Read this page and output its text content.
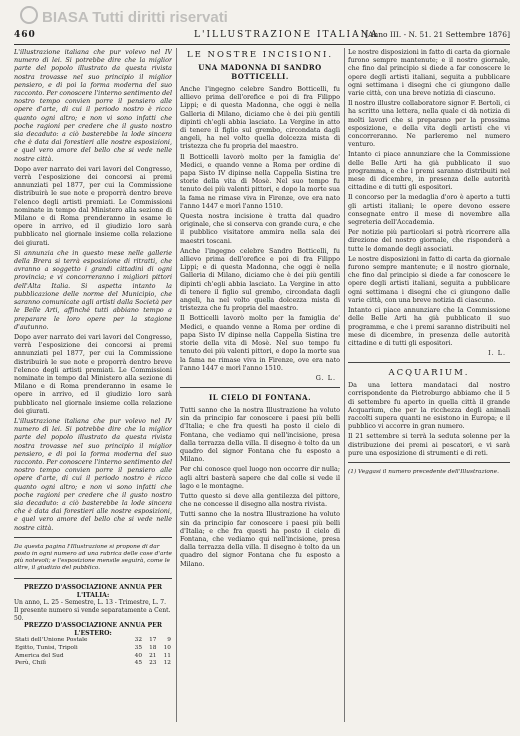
BIASA Tutti diritti riservati
460	L'ILLUSTRAZIONE ITALIANA
[Anno III. - N. 51. 21 Settembre 1876]

L'illustrazione italiana che pur volevo nel IV numero di lei. Si potrebbe dire che la miglior parte del popolo illustrato da questa rivista nostra trovasse nel suo principio il miglior pensiero, e di poi la forma moderna del suo racconto. Per conoscere l'interno sentimento del nostro tempo convien porre il pensiero alle opere d'arte, di cui il periodo nostro è ricco quanto ogni altro; e non vi sono infatti che poche ragioni per credere che il gusto nostro sia decaduto: a ciò basterebbe la lode sincera che è data dai forestieri alle nostre esposizioni, e quel vero amore del bello che si vede nelle nostre città.

Dopo aver narrato dei vari lavori del Congresso, verrà l'esposizione dei concorsi ai premi annunziati pel 1877, per cui la Commissione distribuirà le sue note e proporrà dentro breve l'elenco degli artisti premiati. Le Commissioni nominate in tempo dal Ministero alla sezione di Milano e di Roma prenderanno in esame le opere in arrivo, ed il giudizio loro sarà pubblicato nel giornale insieme colla relazione dei giurati.

Si annunzia che in questo mese nelle gallerie della Brera si terrà esposizione di ritratti, che avranno a soggetto i grandi cittadini di ogni provincia; e vi concorreranno i migliori pittori dell'Alta Italia. Si aspetta intanto la pubblicazione delle norme del Municipio, che saranno comunicate agli artisti dalla Società per le Belle Arti, affinché tutti abbiano tempo a preparare le loro opere per la stagione d'autunno.

Dopo aver narrato dei vari lavori del Congresso, verrà l'esposizione dei concorsi ai premi annunziati pel 1877, per cui la Commissione distribuirà le sue note e proporrà dentro breve l'elenco degli artisti premiati. Le Commissioni nominate in tempo dal Ministero alla sezione di Milano e di Roma prenderanno in esame le opere in arrivo, ed il giudizio loro sarà pubblicato nel giornale insieme colla relazione dei giurati.

L'illustrazione italiana che pur volevo nel IV numero di lei. Si potrebbe dire che la miglior parte del popolo illustrato da questa rivista nostra trovasse nel suo principio il miglior pensiero, e di poi la forma moderna del suo racconto. Per conoscere l'interno sentimento del nostro tempo convien porre il pensiero alle opere d'arte, di cui il periodo nostro è ricco quanto ogni altro; e non vi sono infatti che poche ragioni per credere che il gusto nostro sia decaduto: a ciò basterebbe la lode sincera che è data dai forestieri alle nostre esposizioni, e quel vero amore del bello che si vede nelle nostre città.

Da questa pagina l'Illustrazione si propone di dar posto in ogni numero ad una rubrica delle cose d'arte più notevoli; e l'esposizione mensile seguirà, come le altre, il giudizio del pubblico.

PREZZO D'ASSOCIAZIONE ANNUA PER L'ITALIA:
Un anno, L. 25 - Semestre, L. 13 - Trimestre, L. 7.
Il presente numero si vende separatamente a Cent. 50.
PREZZO D'ASSOCIAZIONE ANNUA PER L'ESTERO:
Stati dell'Unione Postale	32	17	9
Egitto, Tunisi, Tripoli	35	18	10
America del Sud	40	21	11
Perù, Chilì	45	23	12
LE NOSTRE INCISIONI.
UNA MADONNA DI SANDRO BOTTICELLI.

Anche l'ingegno celebre Sandro Botticelli, fu allievo prima dell'orefice e poi di fra Filippo Lippi; e di questa Madonna, che oggi è nella Galleria di Milano, diciamo che è dei più gentili dipinti ch'egli abbia lasciato. La Vergine in atto di tenere il figlio sul grembo, circondata dagli angeli, ha nel volto quella dolcezza mista di tristezza che fu propria del maestro.

Il Botticelli lavorò molto per la famiglia de' Medici, e quando venne a Roma per ordine di papa Sisto IV dipinse nella Cappella Sistina tre storie della vita di Mosè. Nel suo tempo fu tenuto dei più valenti pittori, e dopo la morte sua la fama ne rimase viva in Firenze, ove era nato l'anno 1447 e morì l'anno 1510.

Questa nostra incisione è tratta dal quadro originale, che si conserva con grande cura, e che il pubblico visitatore ammira nella sala dei maestri toscani.

Anche l'ingegno celebre Sandro Botticelli, fu allievo prima dell'orefice e poi di fra Filippo Lippi; e di questa Madonna, che oggi è nella Galleria di Milano, diciamo che è dei più gentili dipinti ch'egli abbia lasciato. La Vergine in atto di tenere il figlio sul grembo, circondata dagli angeli, ha nel volto quella dolcezza mista di tristezza che fu propria del maestro.

Il Botticelli lavorò molto per la famiglia de' Medici, e quando venne a Roma per ordine di papa Sisto IV dipinse nella Cappella Sistina tre storie della vita di Mosè. Nel suo tempo fu tenuto dei più valenti pittori, e dopo la morte sua la fama ne rimase viva in Firenze, ove era nato l'anno 1447 e morì l'anno 1510.

G. L.
IL CIELO DI FONTANA.

Tutti sanno che la nostra Illustrazione ha voluto sin da principio far conoscere i paesi più belli d'Italia; e che fra questi ha posto il cielo di Fontana, che vediamo qui nell'incisione, presa dalla terrazza della villa. Il disegno è tolto da un quadro del signor Fontana che fu esposto a Milano.

Per chi conosce quel luogo non occorre dir nulla; agli altri basterà sapere che dal colle si vede il lago e le montagne.

Tutto questo si deve alla gentilezza del pittore, che ne concesse il disegno alla nostra rivista.

Tutti sanno che la nostra Illustrazione ha voluto sin da principio far conoscere i paesi più belli d'Italia; e che fra questi ha posto il cielo di Fontana, che vediamo qui nell'incisione, presa dalla terrazza della villa. Il disegno è tolto da un quadro del signor Fontana che fu esposto a Milano.

Le nostre disposizioni in fatto di carta da giornale furono sempre mantenute; e il nostro giornale, che fino dal principio si diede a far conoscere le opere degli artisti italiani, seguita a pubblicare ogni settimana i disegni che ci giungono dalle varie città, con una breve notizia di ciascuno.

Il nostro illustre collaboratore signor F. Bertoli, ci ha scritto una lettera, nella quale ci dà notizia di molti lavori che si preparano per la prossima esposizione, e della vita degli artisti che vi concorreranno. Ne parleremo nel numero venturo.

Intanto ci piace annunziare che la Commissione delle Belle Arti ha già pubblicato il suo programma, e che i premi saranno distribuiti nel mese di dicembre, in presenza delle autorità cittadine e di tutti gli espositori.

Il concorso per la medaglia d'oro è aperto a tutti gli artisti italiani; le opere devono essere consegnate entro il mese di novembre alla segreteria dell'Accademia.

Per notizie più particolari si potrà ricorrere alla direzione del nostro giornale, che risponderà a tutte le domande degli associati.

Le nostre disposizioni in fatto di carta da giornale furono sempre mantenute; e il nostro giornale, che fino dal principio si diede a far conoscere le opere degli artisti italiani, seguita a pubblicare ogni settimana i disegni che ci giungono dalle varie città, con una breve notizia di ciascuno.

Intanto ci piace annunziare che la Commissione delle Belle Arti ha già pubblicato il suo programma, e che i premi saranno distribuiti nel mese di dicembre, in presenza delle autorità cittadine e di tutti gli espositori.

I. L.
ACQUARIUM.

Da una lettera mandataci dal nostro corrispondente da Pietroburgo abbiamo che il 5 di settembre fu aperto in quella città il grande Acquarium, che per la ricchezza degli animali raccolti supera quanti ne esistono in Europa; e il pubblico vi accorre in gran numero.

Il 21 settembre si terrà la seduta solenne per la distribuzione dei premi ai pescatori, e vi sarà pure una esposizione di strumenti e di reti.

(1) Veggasi il numero precedente dell'Illustrazione.
